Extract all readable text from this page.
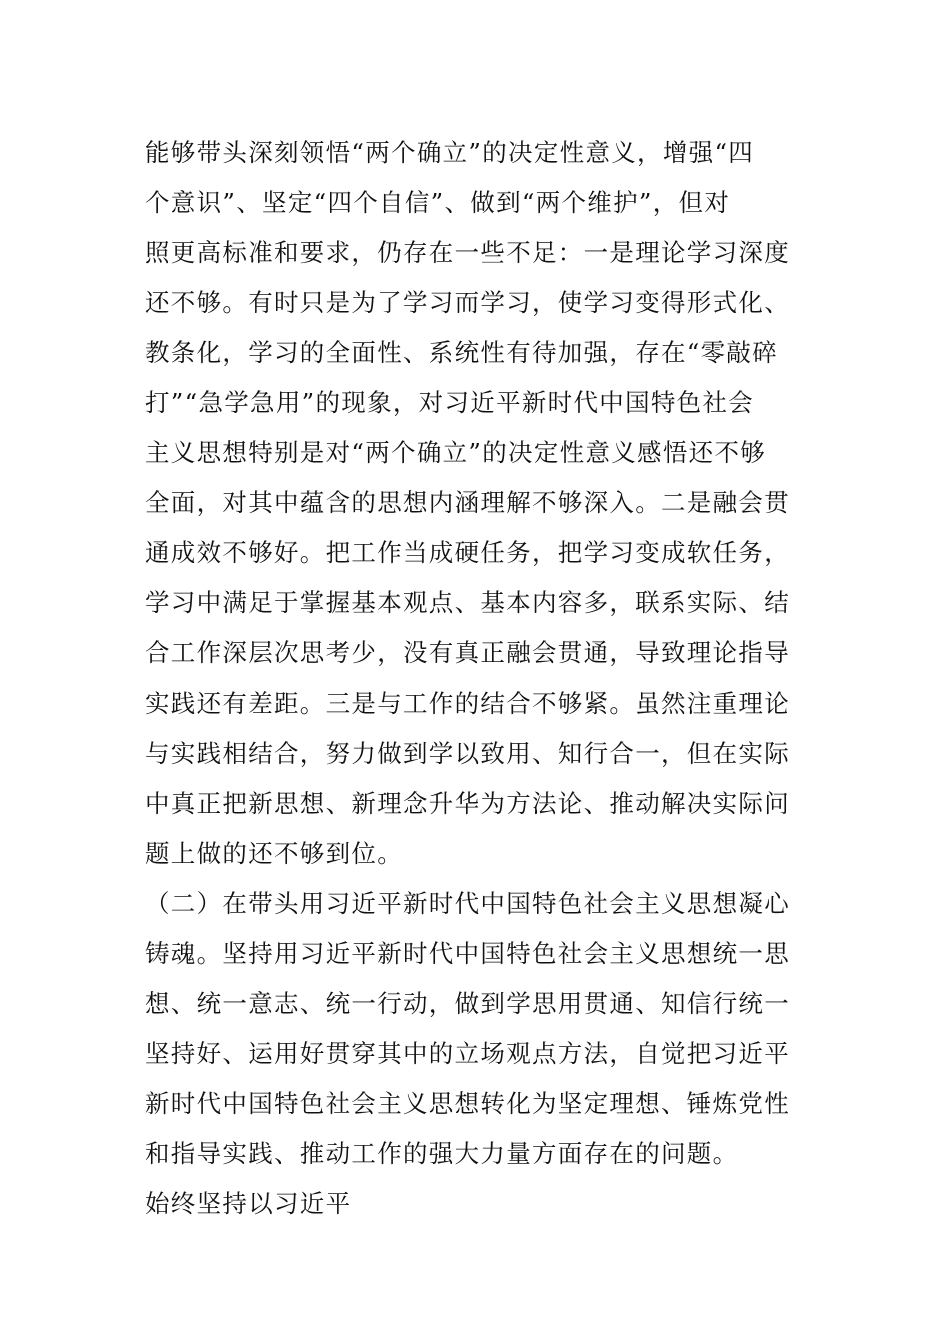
能够带头深刻领悟“两个确立”的决定性意义，增强“四
个意识”、坚定“四个自信”、做到“两个维护”，但对
照更高标准和要求，仍存在一些不足：一是理论学习深度
还不够。有时只是为了学习而学习，使学习变得形式化、
教条化，学习的全面性、系统性有待加强，存在“零敲碎
打”“急学急用”的现象，对习近平新时代中国特色社会
主义思想特别是对“两个确立”的决定性意义感悟还不够
全面，对其中蕴含的思想内涵理解不够深入。二是融会贯
通成效不够好。把工作当成硬任务，把学习变成软任务，
学习中满足于掌握基本观点、基本内容多，联系实际、结
合工作深层次思考少，没有真正融会贯通，导致理论指导
实践还有差距。三是与工作的结合不够紧。虽然注重理论
与实践相结合，努力做到学以致用、知行合一，但在实际
中真正把新思想、新理念升华为方法论、推动解决实际问
题上做的还不够到位。
（二）在带头用习近平新时代中国特色社会主义思想凝心
铸魂。坚持用习近平新时代中国特色社会主义思想统一思
想、统一意志、统一行动，做到学思用贯通、知信行统一
坚持好、运用好贯穿其中的立场观点方法，自觉把习近平
新时代中国特色社会主义思想转化为坚定理想、锤炼党性
和指导实践、推动工作的强大力量方面存在的问题。
始终坚持以习近平
